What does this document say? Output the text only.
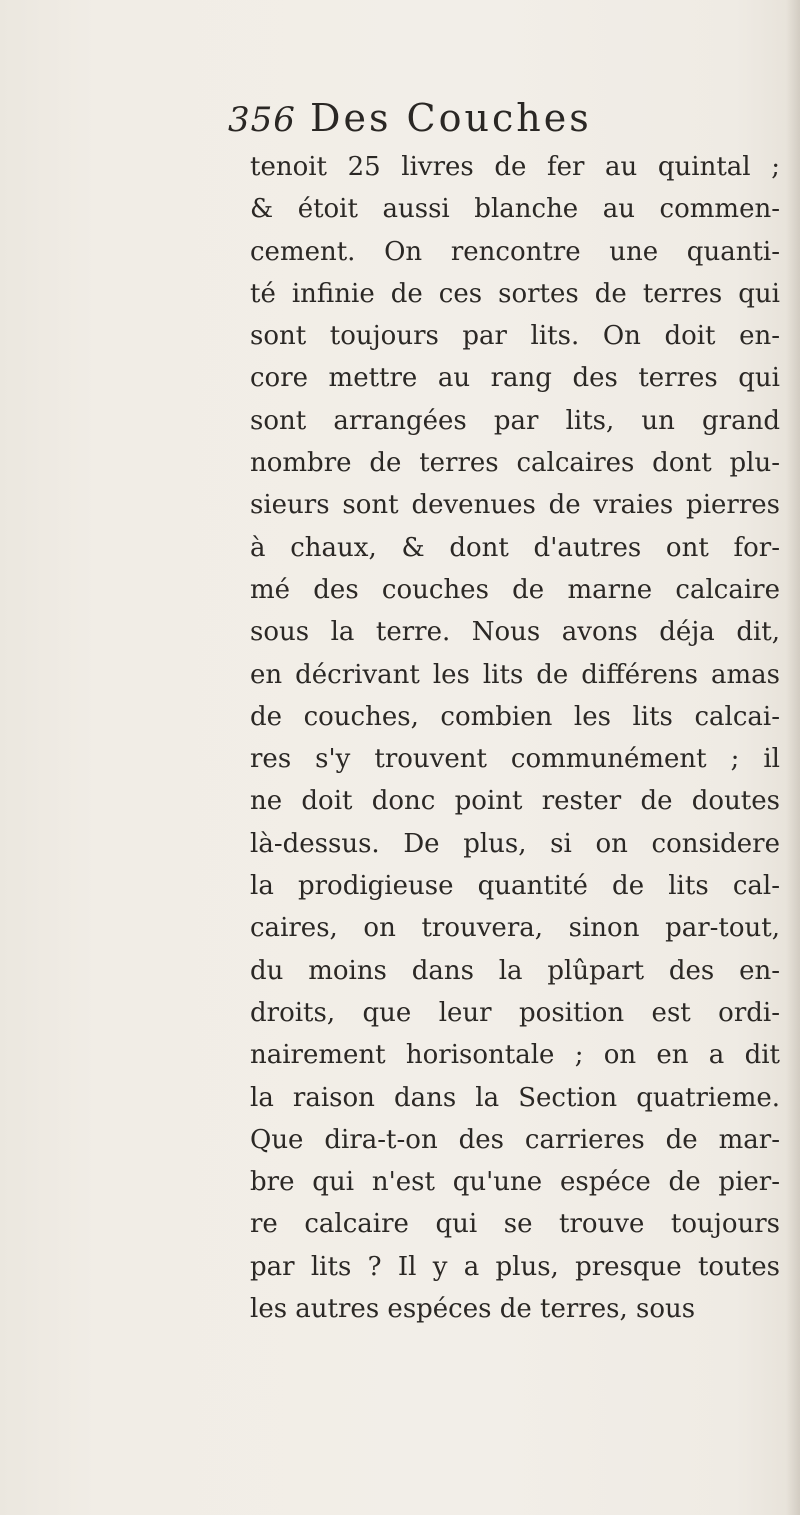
356 Des Couches
tenoit 25 livres de fer au quintal ;
& étoit aussi blanche au commen-
cement. On rencontre une quanti-
té infinie de ces sortes de terres qui
sont toujours par lits. On doit en-
core mettre au rang des terres qui
sont arrangées par lits, un grand
nombre de terres calcaires dont plu-
sieurs sont devenues de vraies pierres
à chaux, & dont d'autres ont for-
mé des couches de marne calcaire
sous la terre. Nous avons déja dit,
en décrivant les lits de différens amas
de couches, combien les lits calcai-
res s'y trouvent communément ; il
ne doit donc point rester de doutes
là-dessus. De plus, si on considere
la prodigieuse quantité de lits cal-
caires, on trouvera, sinon par-tout,
du moins dans la plûpart des en-
droits, que leur position est ordi-
nairement horisontale ; on en a dit
la raison dans la Section quatrieme.
Que dira-t-on des carrieres de mar-
bre qui n'est qu'une espéce de pier-
re calcaire qui se trouve toujours
par lits ? Il y a plus, presque toutes
les autres espéces de terres, sous
